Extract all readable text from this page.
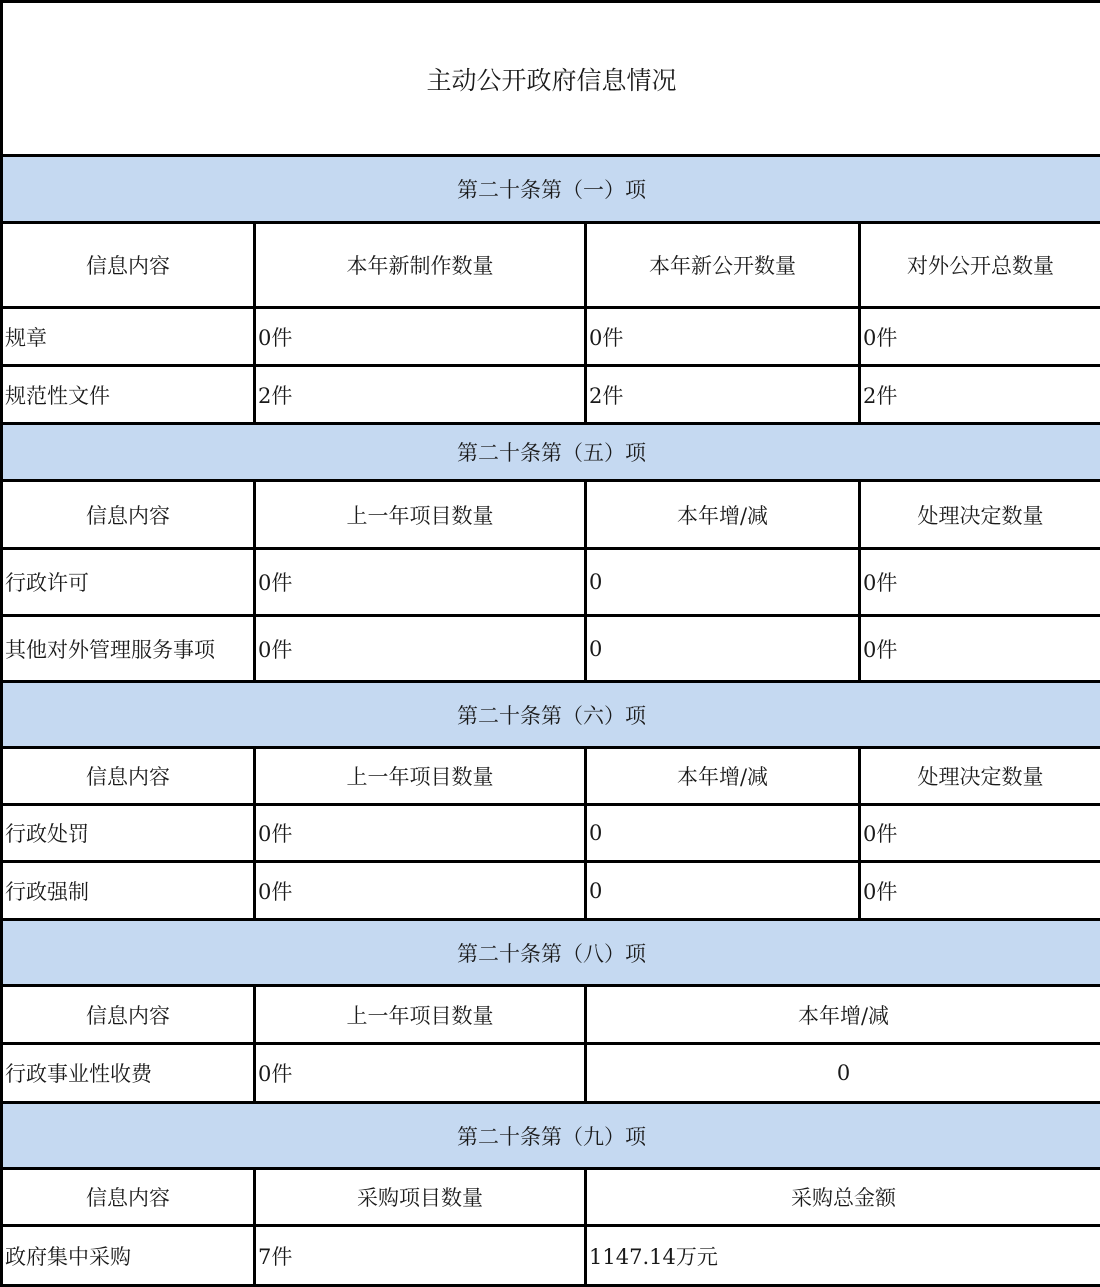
主动公开政府信息情况			
第二十条第（一）项			
信息内容	本年新制作数量	本年新公开数量	对外公开总数量
规章	0件	0件	0件
规范性文件	2件	2件	2件
第二十条第（五）项			
信息内容	上一年项目数量	本年增/减	处理决定数量
行政许可	0件	0	0件
其他对外管理服务事项	0件	0	0件
第二十条第（六）项			
信息内容	上一年项目数量	本年增/减	处理决定数量
行政处罚	0件	0	0件
行政强制	0件	0	0件
第二十条第（八）项			
信息内容	上一年项目数量	本年增/减	
行政事业性收费	0件	0	
第二十条第（九）项			
信息内容	采购项目数量	采购总金额	
政府集中采购	7件	1147.14万元	
